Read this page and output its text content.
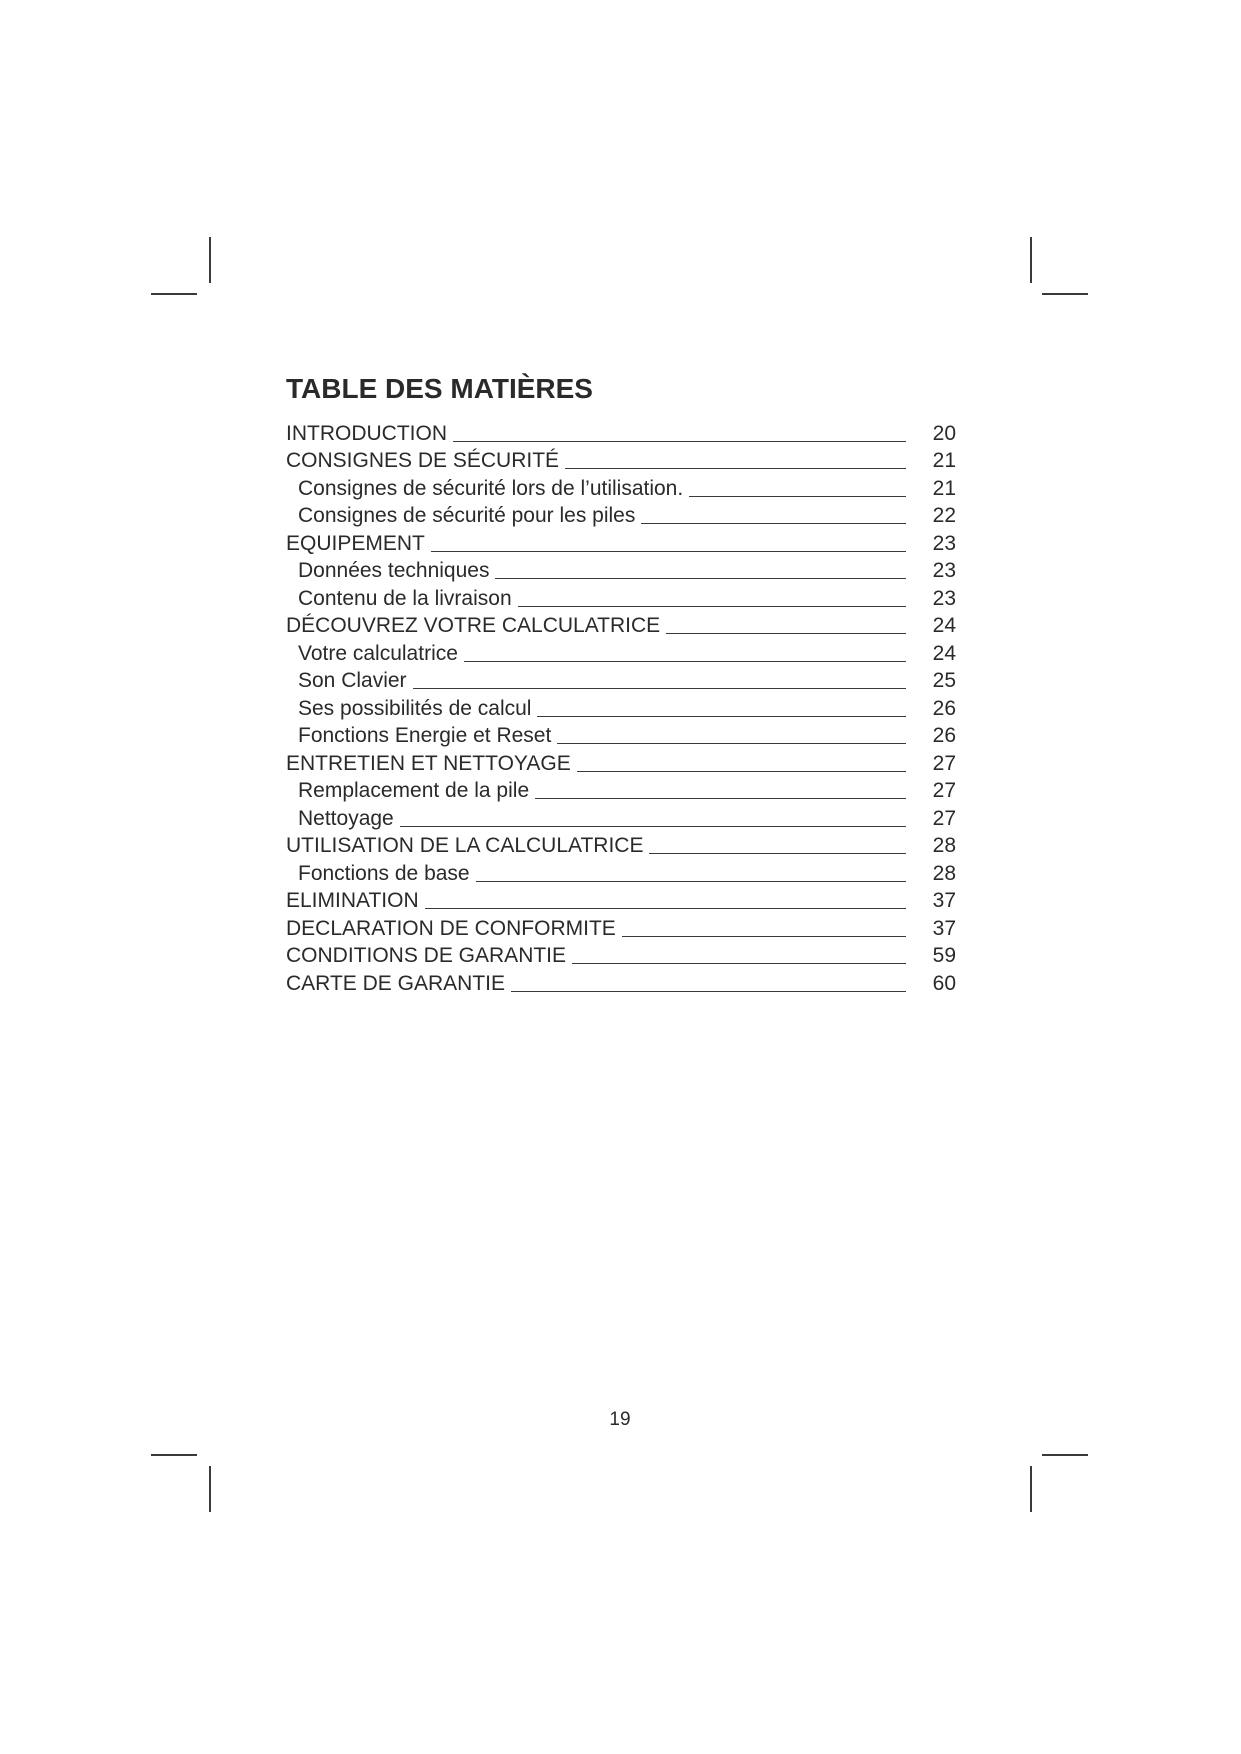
TABLE DES MATIÈRES
INTRODUCTION	20
CONSIGNES DE SÉCURITÉ	21
Consignes de sécurité lors de l’utilisation.	21
Consignes de sécurité pour les piles	22
EQUIPEMENT	23
Données techniques	23
Contenu de la livraison	23
DÉCOUVREZ VOTRE CALCULATRICE	24
Votre calculatrice	24
Son Clavier	25
Ses possibilités de calcul	26
Fonctions Energie et Reset	26
ENTRETIEN ET NETTOYAGE	27
Remplacement de la pile	27
Nettoyage	27
UTILISATION DE LA CALCULATRICE	28
Fonctions de base	28
ELIMINATION	37
DECLARATION DE CONFORMITE	37
CONDITIONS DE GARANTIE	59
CARTE DE GARANTIE	60
19
